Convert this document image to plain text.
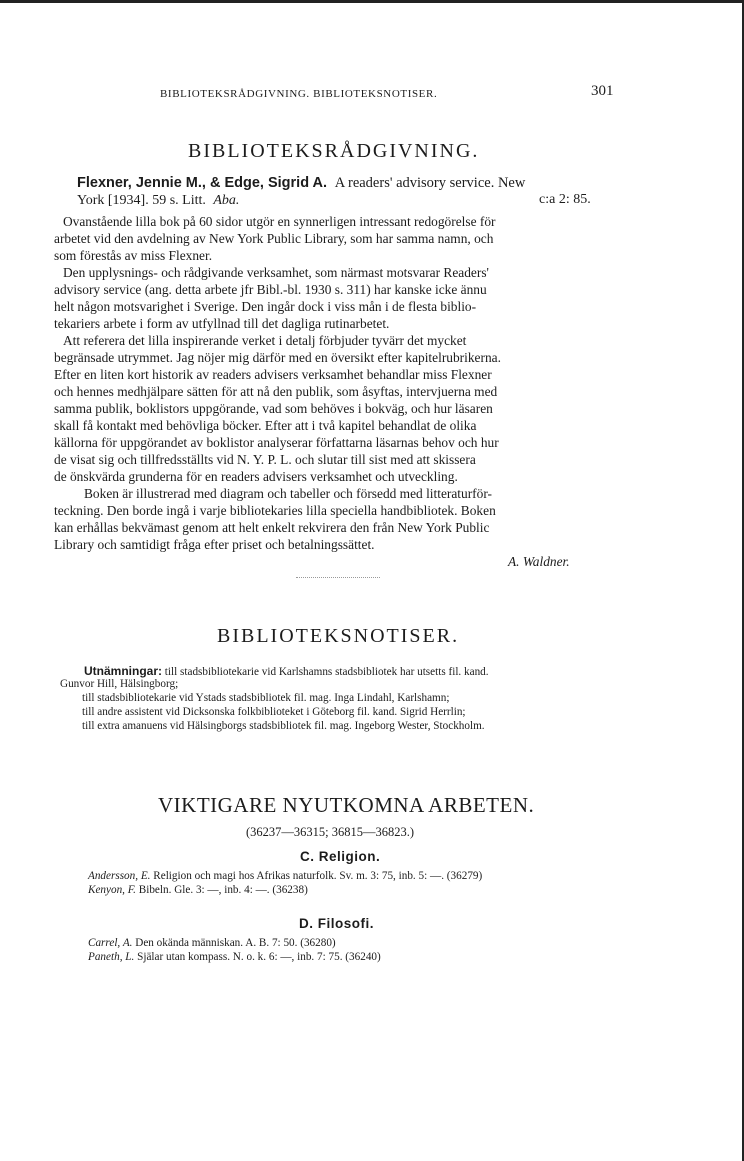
BIBLIOTEKSRÅDGIVNING. BIBLIOTEKSNOTISER.	301
BIBLIOTEKSRÅDGIVNING.
Flexner, Jennie M., & Edge, Sigrid A. A readers' advisory service. New
York [1934]. 59 s. Litt. Aba.	c:a 2: 85.
Ovanstående lilla bok på 60 sidor utgör en synnerligen intressant redogörelse för
arbetet vid den avdelning av New York Public Library, som har samma namn, och
som förestås av miss Flexner.
Den upplysnings- och rådgivande verksamhet, som närmast motsvarar Readers'
advisory service (ang. detta arbete jfr Bibl.-bl. 1930 s. 311) har kanske icke ännu
helt någon motsvarighet i Sverige. Den ingår dock i viss mån i de flesta biblio-
tekariers arbete i form av utfyllnad till det dagliga rutinarbetet.
Att referera det lilla inspirerande verket i detalj förbjuder tyvärr det mycket
begränsade utrymmet. Jag nöjer mig därför med en översikt efter kapitelrubrikerna.
Efter en liten kort historik av readers advisers verksamhet behandlar miss Flexner
och hennes medhjälpare sätten för att nå den publik, som åsyftas, intervjuerna med
samma publik, boklistors uppgörande, vad som behöves i bokväg, och hur läsaren
skall få kontakt med behövliga böcker. Efter att i två kapitel behandlat de olika
källorna för uppgörandet av boklistor analyserar författarna läsarnas behov och hur
de visat sig och tillfredsställts vid N. Y. P. L. och slutar till sist med att skissera
de önskvärda grunderna för en readers advisers verksamhet och utveckling.
Boken är illustrerad med diagram och tabeller och försedd med litteraturför-
teckning. Den borde ingå i varje bibliotekaries lilla speciella handbibliotek. Boken
kan erhållas bekvämast genom att helt enkelt rekvirera den från New York Public
Library och samtidigt fråga efter priset och betalningssättet.
A. Waldner.
BIBLIOTEKSNOTISER.
Utnämningar: till stadsbibliotekarie vid Karlshamns stadsbibliotek har utsetts fil. kand.
Gunvor Hill, Hälsingborg;
till stadsbibliotekarie vid Ystads stadsbibliotek fil. mag. Inga Lindahl, Karlshamn;
till andre assistent vid Dicksonska folkbiblioteket i Göteborg fil. kand. Sigrid Herrlin;
till extra amanuens vid Hälsingborgs stadsbibliotek fil. mag. Ingeborg Wester, Stockholm.
VIKTIGARE NYUTKOMNA ARBETEN.
(36237—36315; 36815—36823.)
C. Religion.
Andersson, E. Religion och magi hos Afrikas naturfolk. Sv. m. 3: 75, inb. 5: —. (36279)
Kenyon, F. Bibeln. Gle. 3: —, inb. 4: —. (36238)
D. Filosofi.
Carrel, A. Den okända människan. A. B. 7: 50. (36280)
Paneth, L. Själar utan kompass. N. o. k. 6: —, inb. 7: 75. (36240)
